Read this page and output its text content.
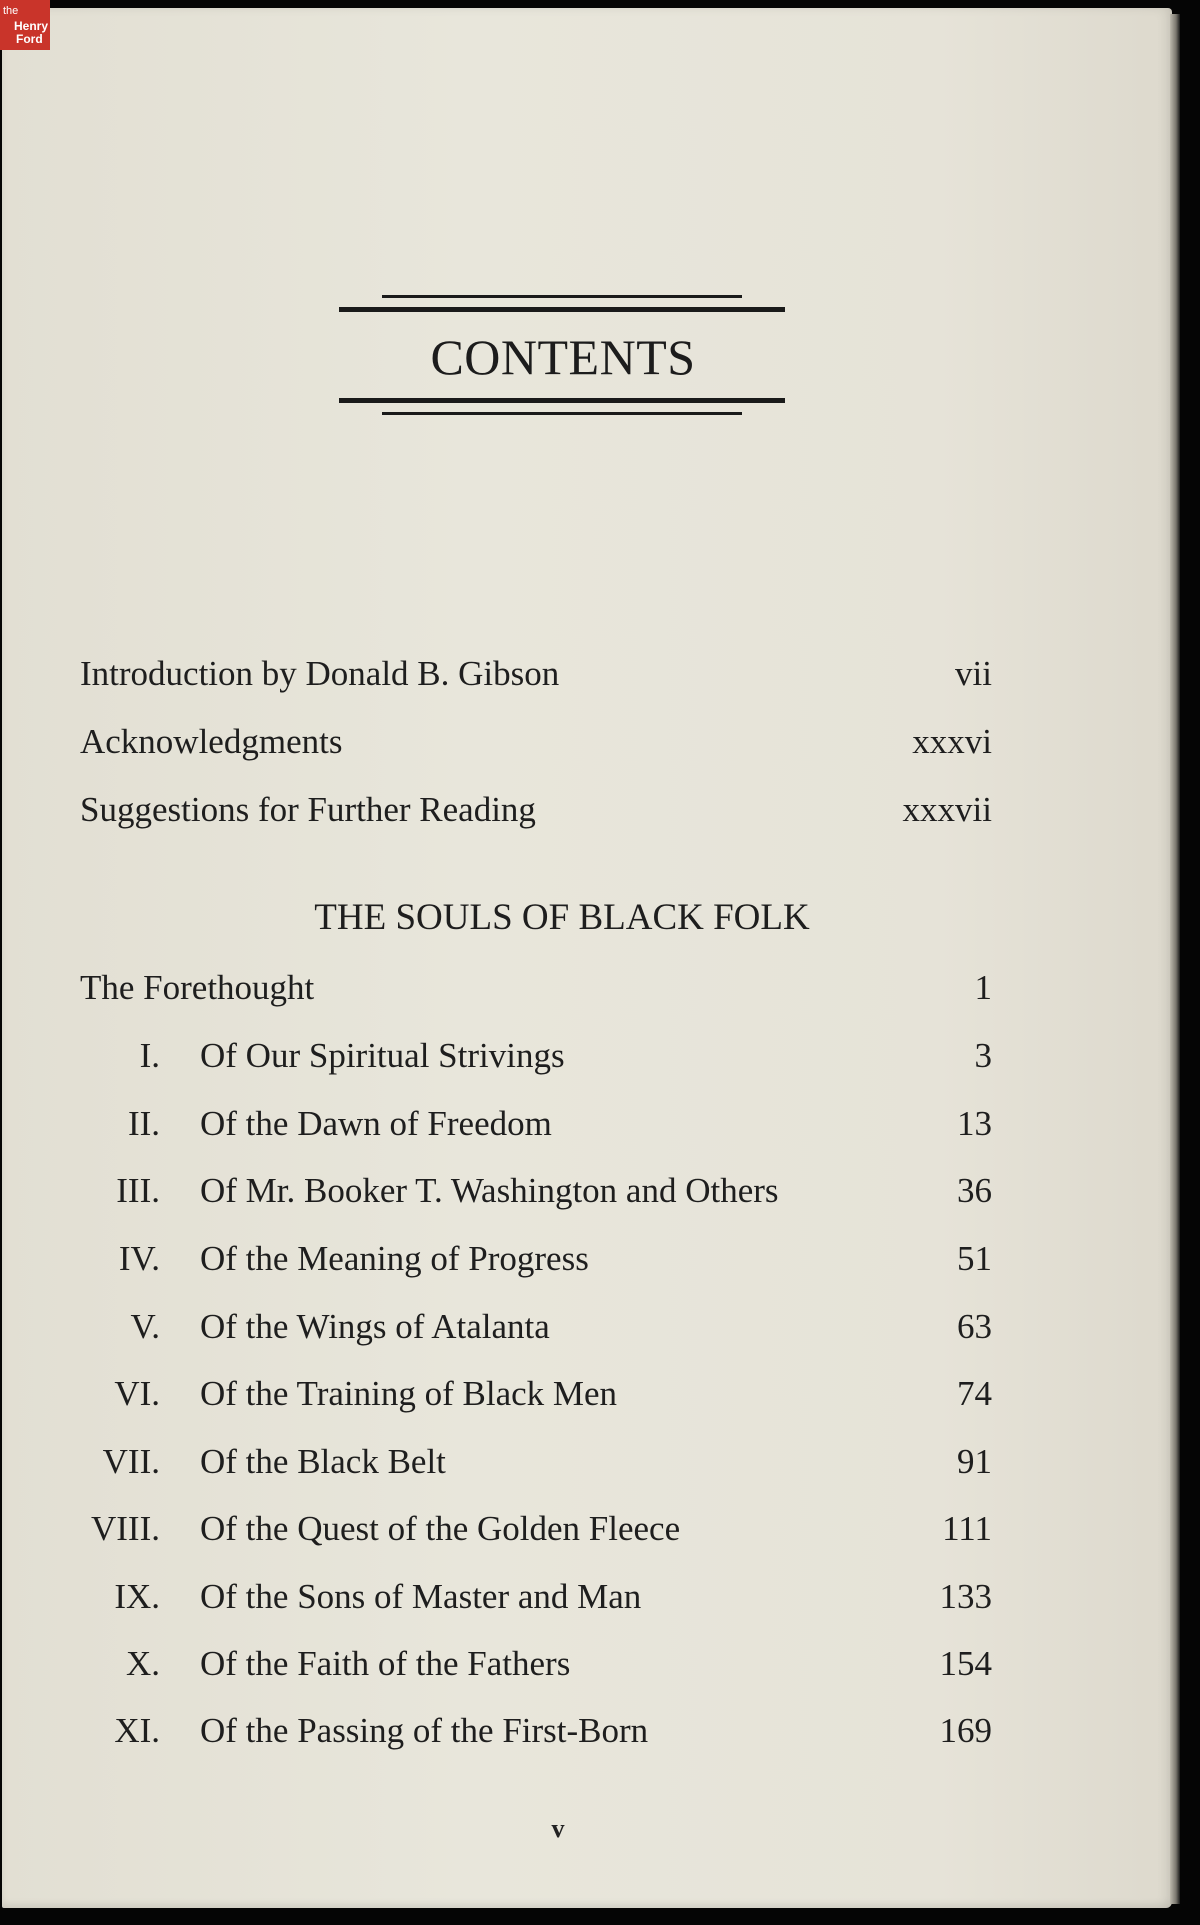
CONTENTS
Introduction by Donald B. Gibson	vii
Acknowledgments	xxxvi
Suggestions for Further Reading	xxxvii
THE SOULS OF BLACK FOLK
The Forethought	1
I. Of Our Spiritual Strivings	3
II. Of the Dawn of Freedom	13
III. Of Mr. Booker T. Washington and Others	36
IV. Of the Meaning of Progress	51
V. Of the Wings of Atalanta	63
VI. Of the Training of Black Men	74
VII. Of the Black Belt	91
VIII. Of the Quest of the Golden Fleece	111
IX. Of the Sons of Master and Man	133
X. Of the Faith of the Fathers	154
XI. Of the Passing of the First-Born	169
v
the
Henry
Ford
